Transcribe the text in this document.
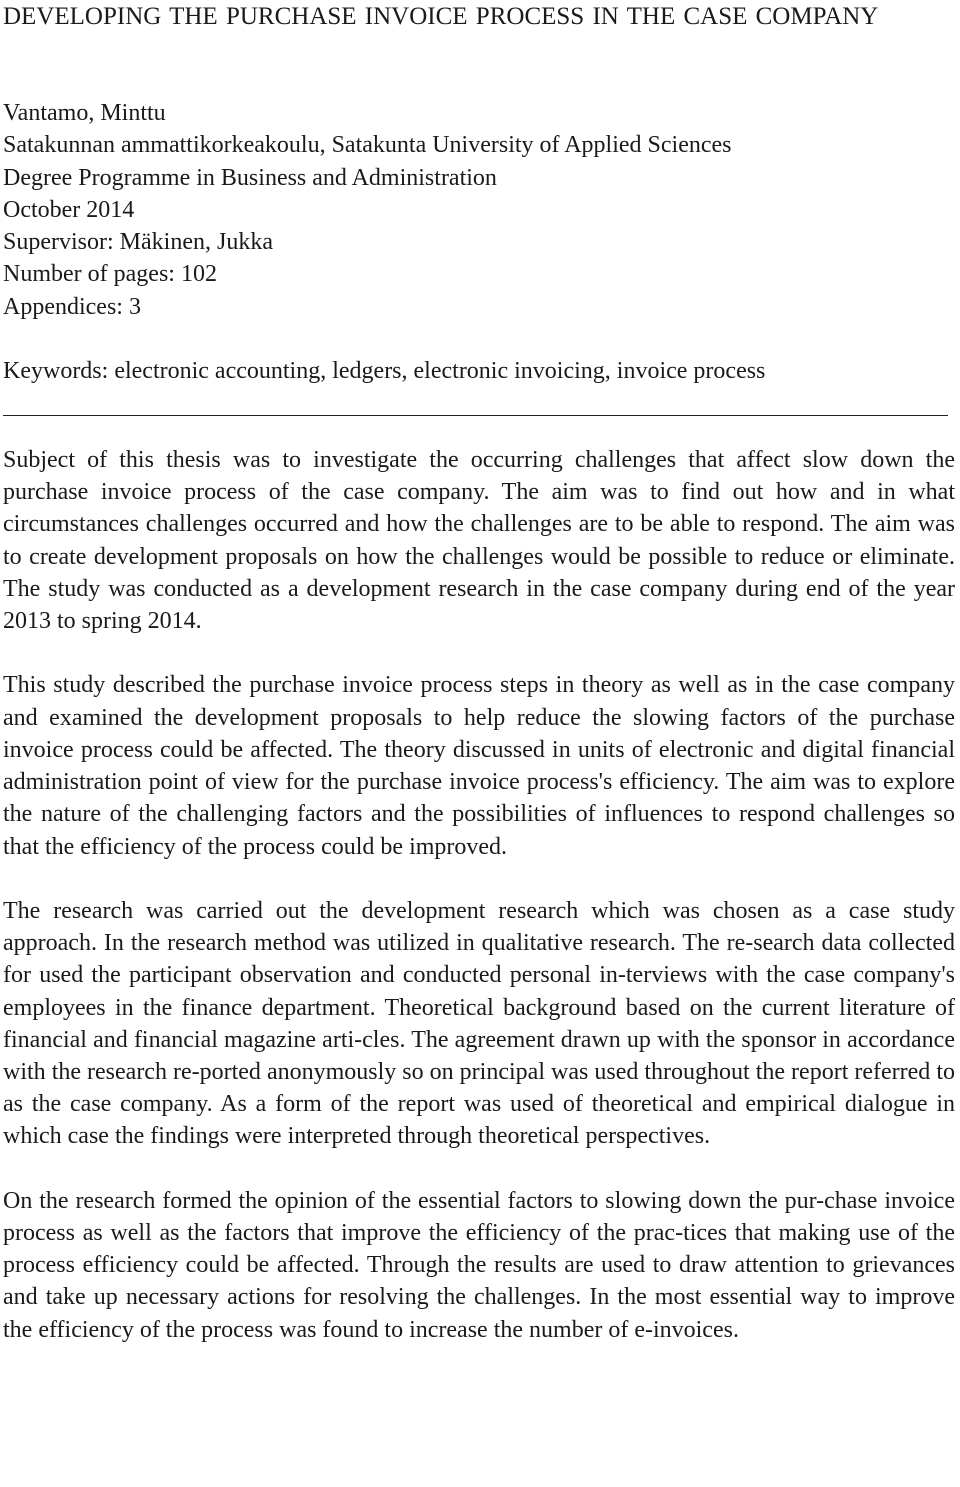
DEVELOPING THE PURCHASE INVOICE PROCESS IN THE CASE COMPANY
Vantamo, Minttu
Satakunnan ammattikorkeakoulu, Satakunta University of Applied Sciences
Degree Programme in Business and Administration
October 2014
Supervisor: Mäkinen, Jukka
Number of pages: 102
Appendices: 3
Keywords: electronic accounting, ledgers, electronic invoicing, invoice process

Subject of this thesis was to investigate the occurring challenges that affect slow down the purchase invoice process of the case company. The aim was to find out how and in what circumstances challenges occurred and how the challenges are to be able to respond. The aim was to create development proposals on how the challenges would be possible to reduce or eliminate. The study was conducted as a development research in the case company during end of the year 2013 to spring 2014.

This study described the purchase invoice process steps in theory as well as in the case company and examined the development proposals to help reduce the slowing factors of the purchase invoice process could be affected. The theory discussed in units of electronic and digital financial administration point of view for the purchase invoice process's efficiency. The aim was to explore the nature of the challenging factors and the possibilities of influences to respond challenges so that the efficiency of the process could be improved.

The research was carried out the development research which was chosen as a case study approach. In the research method was utilized in qualitative research. The re-search data collected for used the participant observation and conducted personal in-terviews with the case company's employees in the finance department. Theoretical background based on the current literature of financial and financial magazine arti-cles. The agreement drawn up with the sponsor in accordance with the research re-ported anonymously so on principal was used throughout the report referred to as the case company. As a form of the report was used of theoretical and empirical dialogue in which case the findings were interpreted through theoretical perspectives.

On the research formed the opinion of the essential factors to slowing down the pur-chase invoice process as well as the factors that improve the efficiency of the prac-tices that making use of the process efficiency could be affected. Through the results are used to draw attention to grievances and take up necessary actions for resolving the challenges. In the most essential way to improve the efficiency of the process was found to increase the number of e-invoices.
